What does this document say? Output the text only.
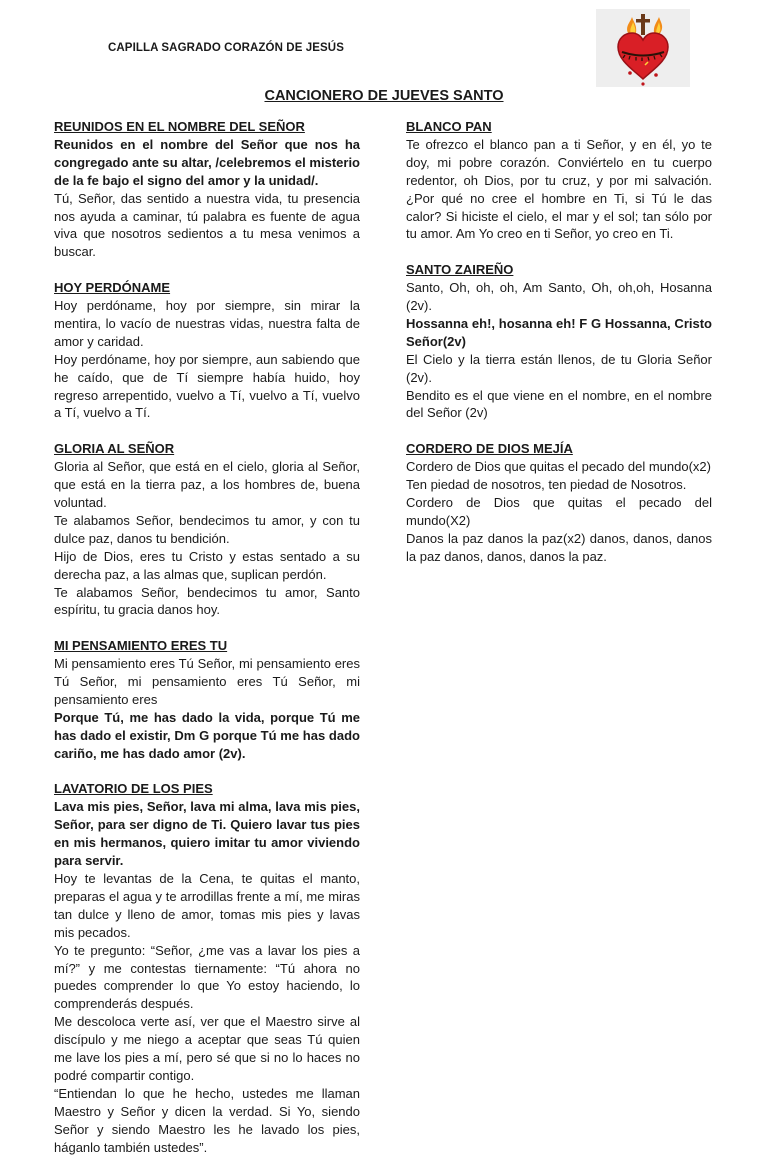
CAPILLA SAGRADO CORAZÓN DE JESÚS
CANCIONERO DE JUEVES SANTO
REUNIDOS EN EL NOMBRE DEL SEÑOR

Reunidos en el nombre del Señor que nos ha congregado ante su altar, /celebremos el misterio de la fe bajo el signo del amor y la unidad/.

Tú, Señor, das sentido a nuestra vida, tu presencia nos ayuda a caminar, tú palabra es fuente de agua viva que nosotros sedientos a tu mesa venimos a buscar.

HOY PERDÓNAME

Hoy perdóname, hoy por siempre, sin mirar la mentira, lo vacío de nuestras vidas, nuestra falta de amor y caridad.

Hoy perdóname, hoy por siempre, aun sabiendo que he caído, que de Tí siempre había huido, hoy regreso arrepentido, vuelvo a Tí, vuelvo a Tí, vuelvo a Tí, vuelvo a Tí.

GLORIA AL SEÑOR

Gloria al Señor, que está en el cielo, gloria al Señor, que está en la tierra paz, a los hombres de, buena voluntad.

Te alabamos Señor, bendecimos tu amor, y con tu dulce paz, danos tu bendición.

Hijo de Dios, eres tu Cristo y estas sentado a su derecha paz, a las almas que, suplican perdón.

Te alabamos Señor, bendecimos tu amor, Santo espíritu, tu gracia danos hoy.

MI PENSAMIENTO ERES TU

Mi pensamiento eres Tú Señor, mi pensamiento eres Tú Señor, mi pensamiento eres Tú Señor, mi pensamiento eres

Porque Tú, me has dado la vida, porque Tú me has dado el existir, Dm G porque Tú me has dado cariño, me has dado amor (2v).

LAVATORIO DE LOS PIES

Lava mis pies, Señor, lava mi alma, lava mis pies, Señor, para ser digno de Ti. Quiero lavar tus pies en mis hermanos, quiero imitar tu amor viviendo para servir.

Hoy te levantas de la Cena, te quitas el manto, preparas el agua y te arrodillas frente a mí, me miras tan dulce y lleno de amor, tomas mis pies y lavas mis pecados.

Yo te pregunto: “Señor, ¿me vas a lavar los pies a mí?” y me contestas tiernamente: “Tú ahora no puedes comprender lo que Yo estoy haciendo, lo comprenderás después.

Me descoloca verte así, ver que el Maestro sirve al discípulo y me niego a aceptar que seas Tú quien me lave los pies a mí, pero sé que si no lo haces no podré compartir contigo.

“Entiendan lo que he hecho, ustedes me llaman Maestro y Señor y dicen la verdad. Si Yo, siendo Señor y siendo Maestro les he lavado los pies, háganlo también ustedes”.

BLANCO PAN

Te ofrezco el blanco pan a ti Señor, y en él, yo te doy, mi pobre corazón. Conviértelo en tu cuerpo redentor, oh Dios, por tu cruz, y por mi salvación. ¿Por qué no cree el hombre en Ti, si Tú le das calor? Si hiciste el cielo, el mar y el sol; tan sólo por tu amor. Am Yo creo en ti Señor, yo creo en Ti.

SANTO ZAIREÑO

Santo, Oh, oh, oh, Am Santo, Oh, oh,oh, Hosanna (2v).

Hossanna eh!, hosanna eh! F G Hossanna, Cristo Señor(2v)

El Cielo y la tierra están llenos, de tu Gloria Señor (2v).

Bendito es el que viene en el nombre, en el nombre del Señor (2v)

CORDERO DE DIOS MEJÍA

Cordero de Dios que quitas el pecado del mundo(x2)

Ten piedad de nosotros, ten piedad de Nosotros.

Cordero de Dios que quitas el pecado del mundo(X2)

Danos la paz danos la paz(x2) danos, danos, danos la paz danos, danos, danos la paz.
